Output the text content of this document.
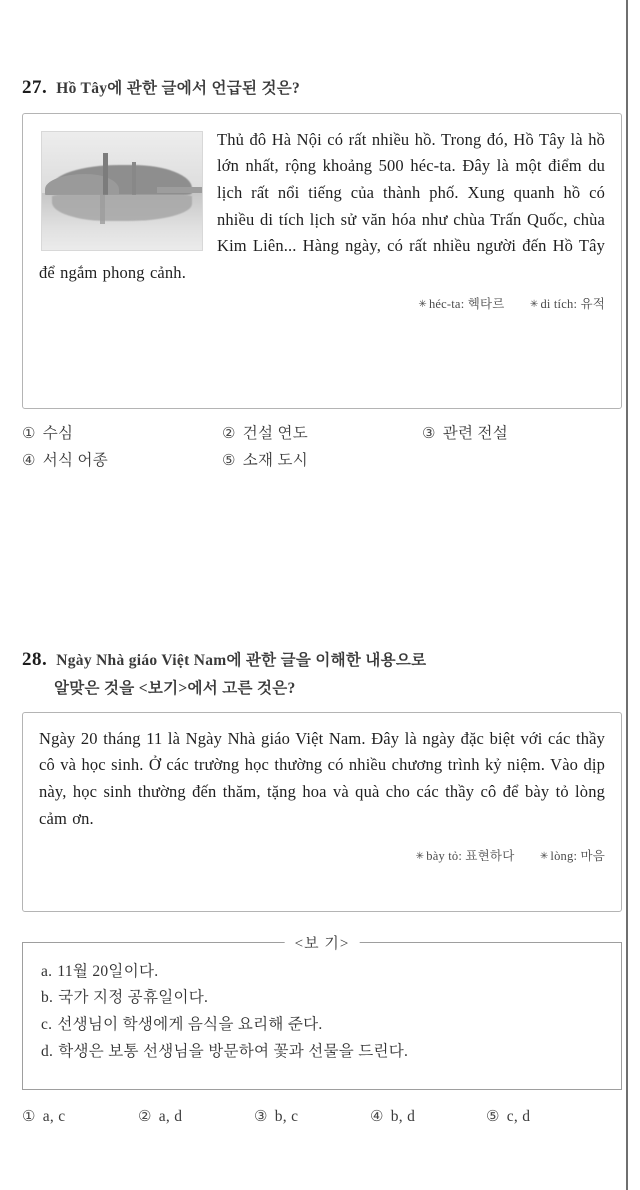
27. Hồ Tây에 관한 글에서 언급된 것은?
Thủ đô Hà Nội có rất nhiều hồ. Trong đó, Hồ Tây là hồ lớn nhất, rộng khoảng 500 héc-ta. Đây là một điểm du lịch rất nổi tiếng của thành phố. Xung quanh hồ có nhiều di tích lịch sử văn hóa như chùa Trấn Quốc, chùa Kim Liên... Hàng ngày, có rất nhiều người đến Hồ Tây để ngắm phong cảnh.
✳ héc-ta: 헥타르	✳ di tích: 유적
① 수심	② 건설 연도	③ 관련 전설
④ 서식 어종	⑤ 소재 도시
28. Ngày Nhà giáo Việt Nam에 관한 글을 이해한 내용으로
알맞은 것을 <보기>에서 고른 것은?
Ngày 20 tháng 11 là Ngày Nhà giáo Việt Nam. Đây là ngày đặc biệt với các thầy cô và học sinh. Ở các trường học thường có nhiều chương trình kỷ niệm. Vào dịp này, học sinh thường đến thăm, tặng hoa và quà cho các thầy cô để bày tỏ lòng cảm ơn.
✳ bày tỏ: 표현하다	✳ lòng: 마음
<보 기>
a. 11월 20일이다.
b. 국가 지정 공휴일이다.
c. 선생님이 학생에게 음식을 요리해 준다.
d. 학생은 보통 선생님을 방문하여 꽃과 선물을 드린다.
① a, c	② a, d	③ b, c	④ b, d	⑤ c, d
